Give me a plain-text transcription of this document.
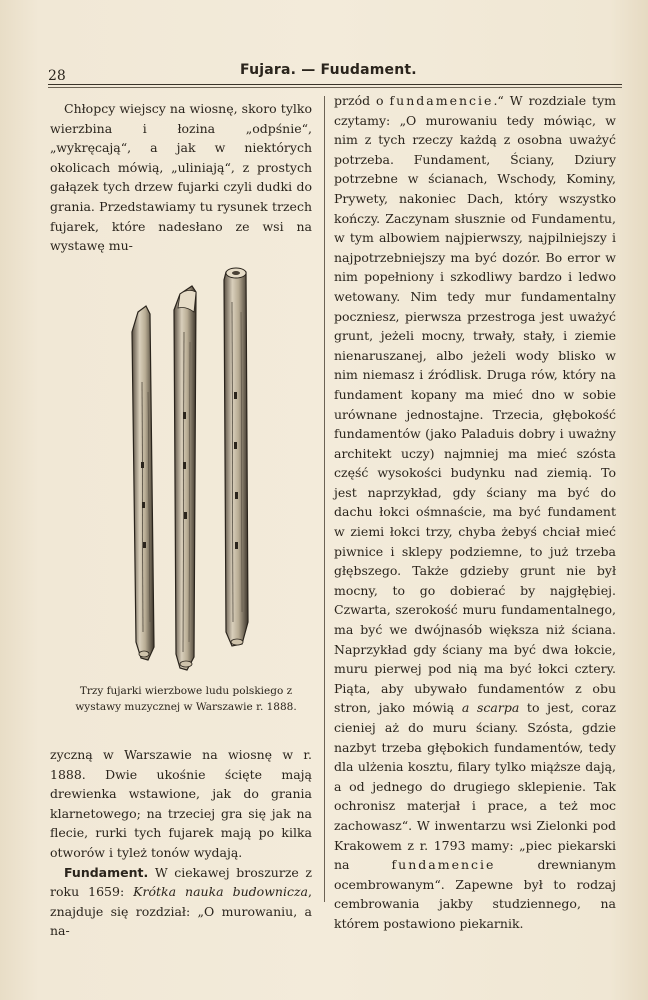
28	Fujara. — Fuudament.

Chłopcy wiejscy na wiosnę, skoro tylko wierzbina i łozina „odpśnie“, „wykręcają“, a jak w niektórych okolicach mówią, „uliniają“, z prostych gałązek tych drzew fujarki czyli dudki do grania. Przedstawiamy tu rysunek trzech fujarek, które nadesłano ze wsi na wystawę mu-

Trzy fujarki wierzbowe ludu polskiego z wystawy muzycznej w Warszawie r. 1888.

zyczną w Warszawie na wiosnę w r. 1888. Dwie ukośnie ścięte mają drewienka wstawione, jak do grania klarnetowego; na trzeciej gra się jak na flecie, rurki tych fujarek mają po kilka otworów i tyleż tonów wydają.

Fundament. W ciekawej broszurze z roku 1659: Krótka nauka budownicza, znajduje się rozdział: „O murowaniu, a na-

przód o fundamencie.“ W rozdziale tym czytamy: „O murowaniu tedy mówiąc, w nim z tych rzeczy każdą z osobna uważyć potrzeba. Fundament, Ściany, Dziury potrzebne w ścianach, Wschody, Kominy, Prywety, nakoniec Dach, który wszystko kończy. Zaczynam słusznie od Fundamentu, w tym albowiem najpierwszy, najpilniejszy i najpotrzebniejszy ma być dozór. Bo error w nim popełniony i szkodliwy bardzo i ledwo wetowany. Nim tedy mur fundamentalny poczniesz, pierwsza przestroga jest uważyć grunt, jeżeli mocny, trwały, stały, i ziemie nienaruszanej, albo jeżeli wody blisko w nim niemasz i źródlisk. Druga rów, który na fundament kopany ma mieć dno w sobie urównane jednostajne. Trzecia, głębokość fundamentów (jako Paladuis dobry i uważny architekt uczy) najmniej ma mieć szósta część wysokości budynku nad ziemią. To jest naprzykład, gdy ściany ma być do dachu łokci ośmnaście, ma być fundament w ziemi łokci trzy, chyba żebyś chciał mieć piwnice i sklepy podziemne, to już trzeba głębszego. Także gdzieby grunt nie był mocny, to go dobierać by najgłębiej. Czwarta, szerokość muru fundamentalnego, ma być we dwójnasób większa niż ściana. Naprzykład gdy ściany ma być dwa łokcie, muru pierwej pod nią ma być łokci cztery. Piąta, aby ubywało fundamentów z obu stron, jako mówią a scarpa to jest, coraz cieniej aż do muru ściany. Szósta, gdzie nazbyt trzeba głębokich fundamentów, tedy dla ulżenia kosztu, filary tylko miąższe dają, a od jednego do drugiego sklepienie. Tak ochronisz materjał i prace, a też moc zachowasz“. W inwentarzu wsi Zielonki pod Krakowem z r. 1793 mamy: „piec piekarski na fundamencie drewnianym ocembrowanym“. Zapewne był to rodzaj cembrowania jakby studziennego, na którem postawiono piekarnik.
